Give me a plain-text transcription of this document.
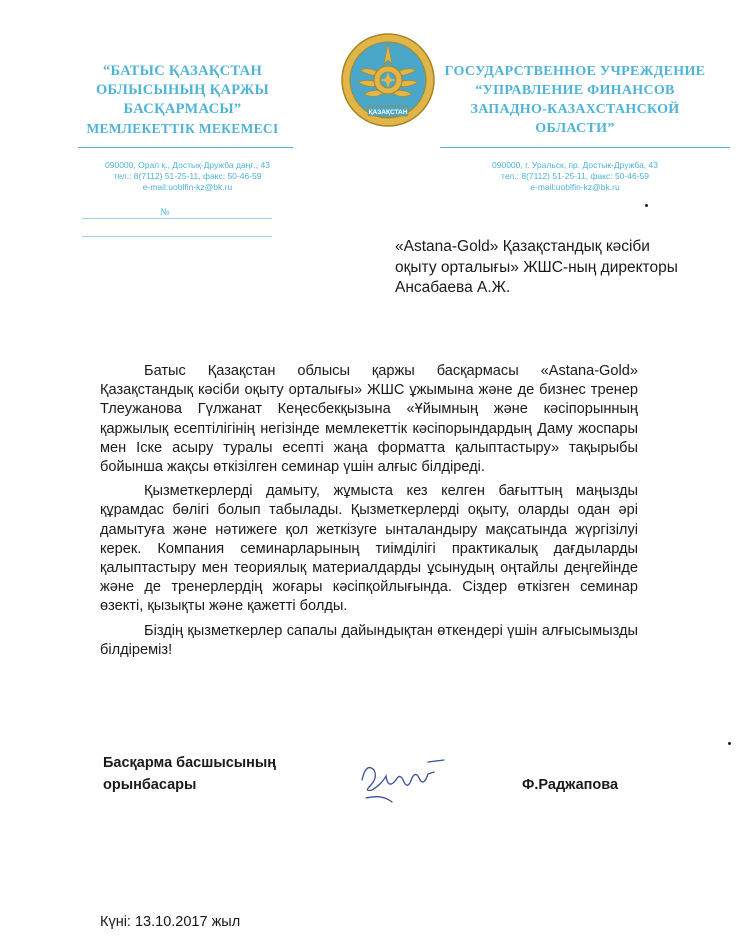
“БАТЫС ҚАЗАҚСТАН
ОБЛЫСЫНЫҢ ҚАРЖЫ
БАСҚАРМАСЫ”
МЕМЛЕКЕТТІК МЕКЕМЕСІ
ҚАЗАҚСТАН
ГОСУДАРСТВЕННОЕ УЧРЕЖДЕНИЕ
“УПРАВЛЕНИЕ ФИНАНСОВ
ЗАПАДНО-КАЗАХСТАНСКОЙ
ОБЛАСТИ”
090000, Орал қ., Достық-Дружба даңғ., 43
тел.: 8(7112) 51-25-11, факс: 50-46-59
e-mail:uoblfin-kz@bk.ru
090000, г. Уральск, пр. Достык-Дружба, 43
тел.: 8(7112) 51-25-11, факс: 50-46-59
e-mail:uoblfin-kz@bk.ru
№
«Astana-Gold» Қазақстандық кәсіби
оқыту орталығы» ЖШС-ның директоры
Ансабаева А.Ж.

Батыс Қазақстан облысы қаржы басқармасы «Astana-Gold» Қазақстандық кәсіби оқыту орталығы» ЖШС ұжымына және де бизнес тренер Тлеужанова Гүлжанат Кеңесбекқызына «Ұйымның және кәсіпорынның қаржылық есептілігінің негізінде мемлекеттік кәсіпорындардың Даму жоспары мен Іске асыру туралы есепті жаңа форматта қалыптастыру» тақырыбы бойынша жақсы өткізілген семинар үшін алғыс білдіреді.

Қызметкерлерді дамыту, жұмыста кез келген бағыттың маңызды құрамдас бөлігі болып табылады. Қызметкерлерді оқыту, оларды одан әрі дамытуға және нәтижеге қол жеткізуге ынталандыру мақсатында жүргізілуі керек. Компания семинарларының тиімділігі практикалық дағдыларды қалыптастыру мен теориялық материалдарды ұсынудың оңтайлы деңгейінде және де тренерлердің жоғары кәсіпқойлығында. Сіздер өткізген семинар өзекті, қызықты және қажетті болды.

Біздің қызметкерлер сапалы дайындықтан өткендері үшін алғысымызды білдіреміз!

Басқарма басшысының
орынбасары	Ф.Раджапова
Күні: 13.10.2017 жыл
